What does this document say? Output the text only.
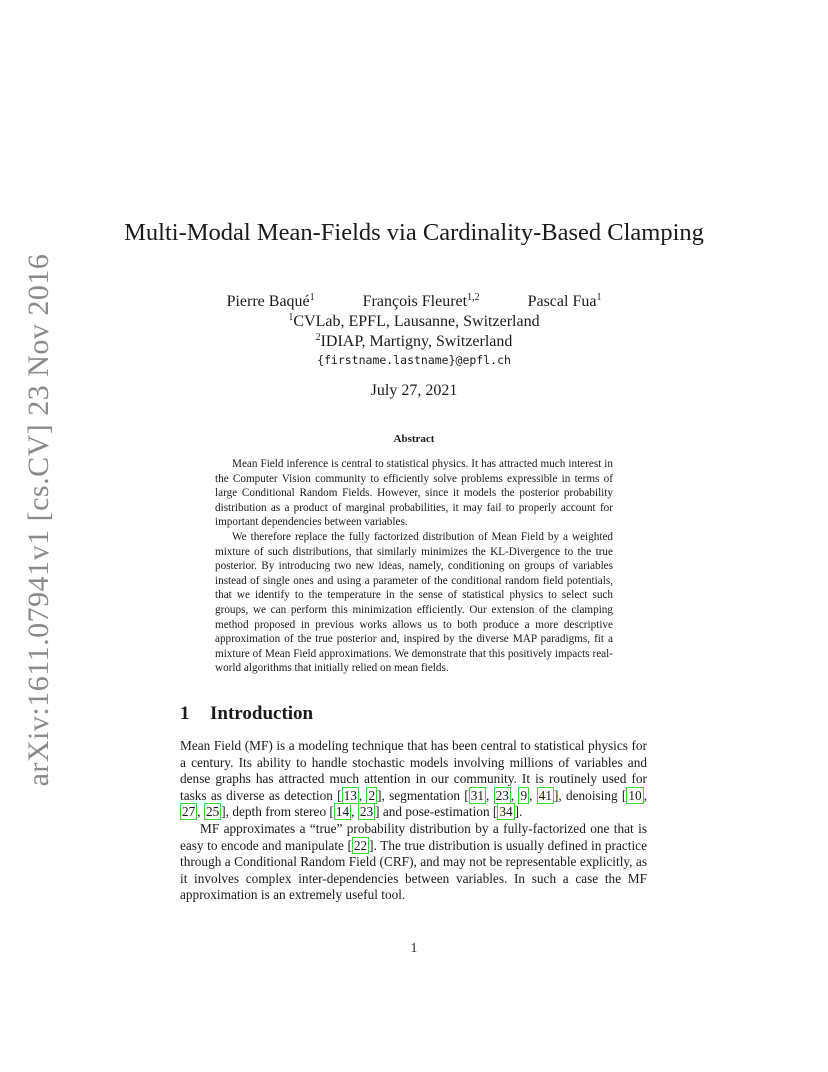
arXiv:1611.07941v1 [cs.CV] 23 Nov 2016
Multi-Modal Mean-Fields via Cardinality-Based Clamping
Pierre Baqué$^1$	François Fleuret$^{1,2}$	Pascal Fua$^1$
$^1$CVLab, EPFL, Lausanne, Switzerland
$^2$IDIAP, Martigny, Switzerland
{firstname.lastname}@epfl.ch
July 27, 2021
Abstract

Mean Field inference is central to statistical physics. It has attracted much interest in the Computer Vision community to efficiently solve problems expressible in terms of large Conditional Random Fields. However, since it models the posterior probability distribution as a product of marginal probabilities, it may fail to properly account for important dependencies between variables.

We therefore replace the fully factorized distribution of Mean Field by a weighted mixture of such distributions, that similarly minimizes the KL-Divergence to the true posterior. By introducing two new ideas, namely, conditioning on groups of variables instead of single ones and using a parameter of the conditional random field potentials, that we identify to the temperature in the sense of statistical physics to select such groups, we can perform this minimization efficiently. Our extension of the clamping method proposed in previous works allows us to both produce a more descriptive approximation of the true posterior and, inspired by the diverse MAP paradigms, fit a mixture of Mean Field approximations. We demonstrate that this positively impacts real-world algorithms that initially relied on mean fields.

1 Introduction

Mean Field (MF) is a modeling technique that has been central to statistical physics for a century. Its ability to handle stochastic models involving millions of variables and dense graphs has attracted much attention in our community. It is routinely used for tasks as diverse as detection [ 13 , 2 ], segmentation [ 31 , 23 , 9 , 41 ], denoising [ 10 , 27 , 25 ], depth from stereo [ 14 , 23 ] and pose-estimation [ 34 ].

MF approximates a “true” probability distribution by a fully-factorized one that is easy to encode and manipulate [ 22 ]. The true distribution is usually defined in practice through a Conditional Random Field (CRF), and may not be representable explicitly, as it involves complex inter-dependencies between variables. In such a case the MF approximation is an extremely useful tool.

1
